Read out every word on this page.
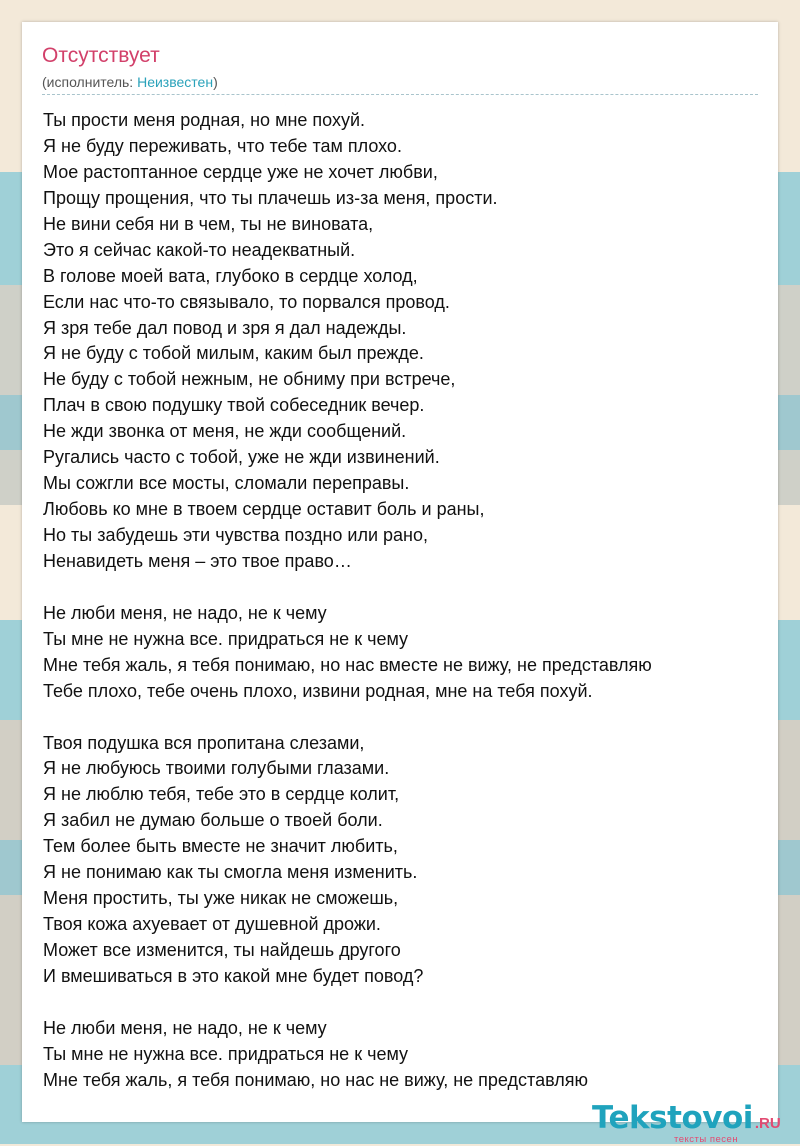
Отсутствует
(исполнитель: Неизвестен)
Ты прости меня родная, но мне похуй.
Я не буду переживать, что тебе там плохо.
Мое растоптанное сердце уже не хочет любви,
Прощу прощения, что ты плачешь из-за меня, прости.
Не вини себя ни в чем, ты не виновата,
Это я сейчас какой-то неадекватный.
В голове моей вата, глубоко в сердце холод,
Если нас что-то связывало, то порвался провод.
Я зря тебе дал повод и зря я дал надежды.
Я не буду с тобой милым, каким был прежде.
Не буду с тобой нежным, не обниму при встрече,
Плач в свою подушку твой собеседник вечер.
Не жди звонка от меня, не жди сообщений.
Ругались часто с тобой, уже не жди извинений.
Мы сожгли все мосты, сломали переправы.
Любовь ко мне в твоем сердце оставит боль и раны,
Но ты забудешь эти чувства поздно или рано,
Ненавидеть меня – это твое право…
Не люби меня, не надо, не к чему
Ты мне не нужна все. придраться не к чему
Мне тебя жаль, я тебя понимаю, но нас вместе не вижу, не представляю
Тебе плохо, тебе очень плохо, извини родная, мне на тебя похуй.
Твоя подушка вся пропитана слезами,
Я не любуюсь твоими голубыми глазами.
Я не люблю тебя, тебе это в сердце колит,
Я забил не думаю больше о твоей боли.
Тем более быть вместе не значит любить,
Я не понимаю как ты смогла меня изменить.
Меня простить, ты уже никак не сможешь,
Твоя кожа ахуевает от душевной дрожи.
Может все изменится, ты найдешь другого
И вмешиваться в это какой мне будет повод?
Не люби меня, не надо, не к чему
Ты мне не нужна все. придраться не к чему
Мне тебя жаль, я тебя понимаю, но нас не вижу, не представляю
Tekstovoi .RU
тексты песен
